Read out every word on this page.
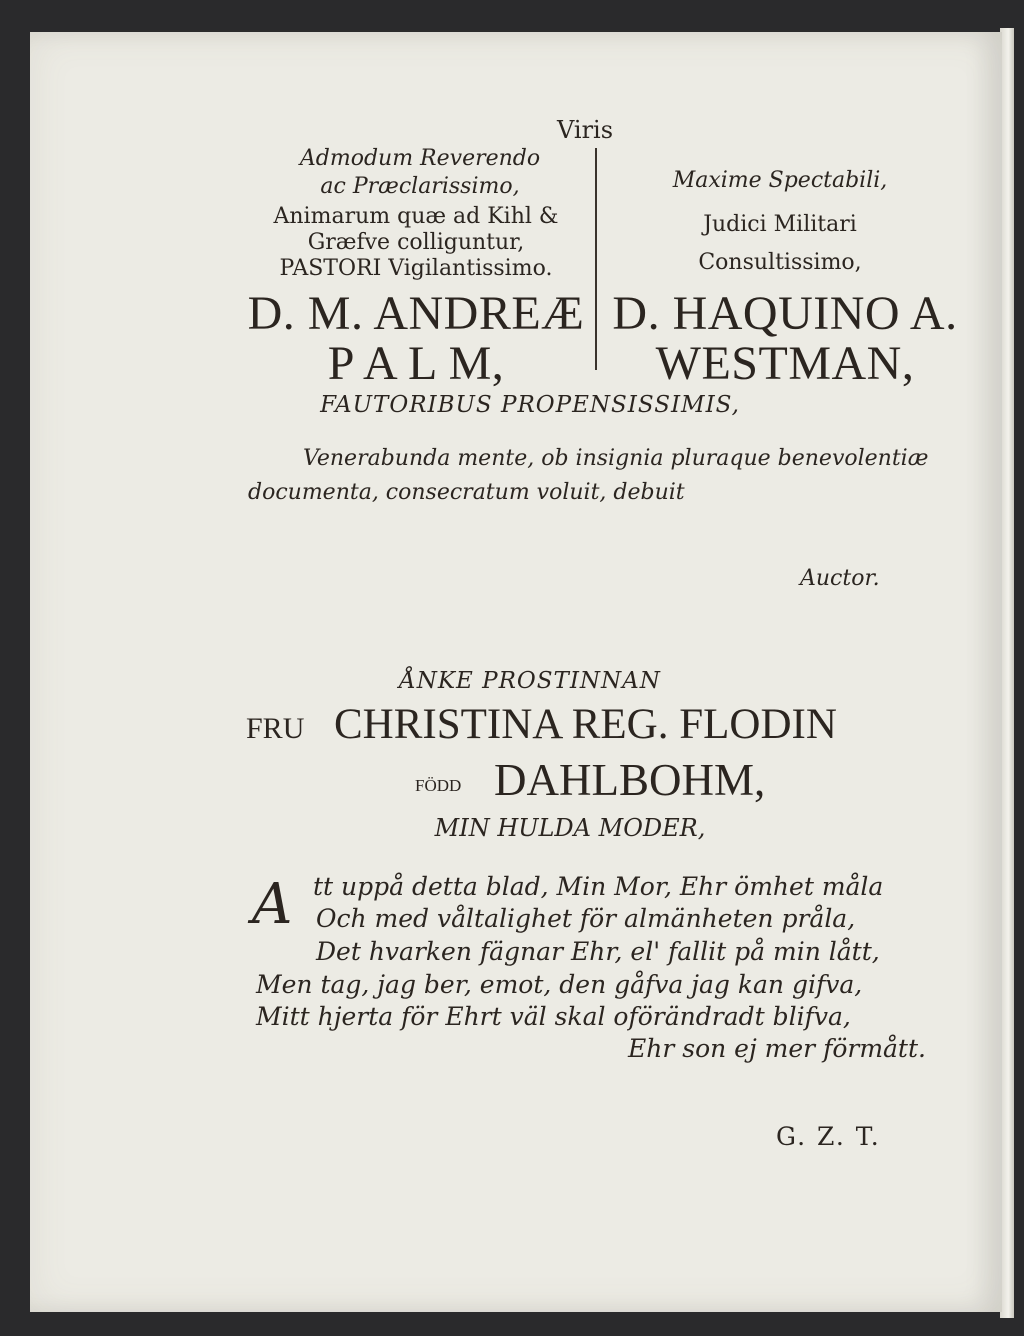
Viris
Admodum Reverendo
ac Præclarissimo,
Animarum quæ ad Kihl &
Græfve colliguntur,
PASTORI Vigilantissimo.
D. M. ANDREÆ
P A L M,
Maxime Spectabili,
Judici Militari
Consultissimo,
D. HAQUINO A.
WESTMAN,
FAUTORIBUS PROPENSISSIMIS,
Venerabunda mente, ob insignia pluraque benevolentiæ
documenta, consecratum voluit, debuit
Auctor.
ÅNKE PROSTINNAN
FRU CHRISTINA REG. FLODIN
FÖDD DAHLBOHM,
MIN HULDA MODER,
A tt uppå detta blad, Min Mor, Ehr ömhet måla
Och med våltalighet för almänheten pråla,
Det hvarken fägnar Ehr, el' fallit på min lått,
Men tag, jag ber, emot, den gåfva jag kan gifva,
Mitt hjerta för Ehrt väl skal oförändradt blifva,
Ehr son ej mer förmått.
G. Z. T.
